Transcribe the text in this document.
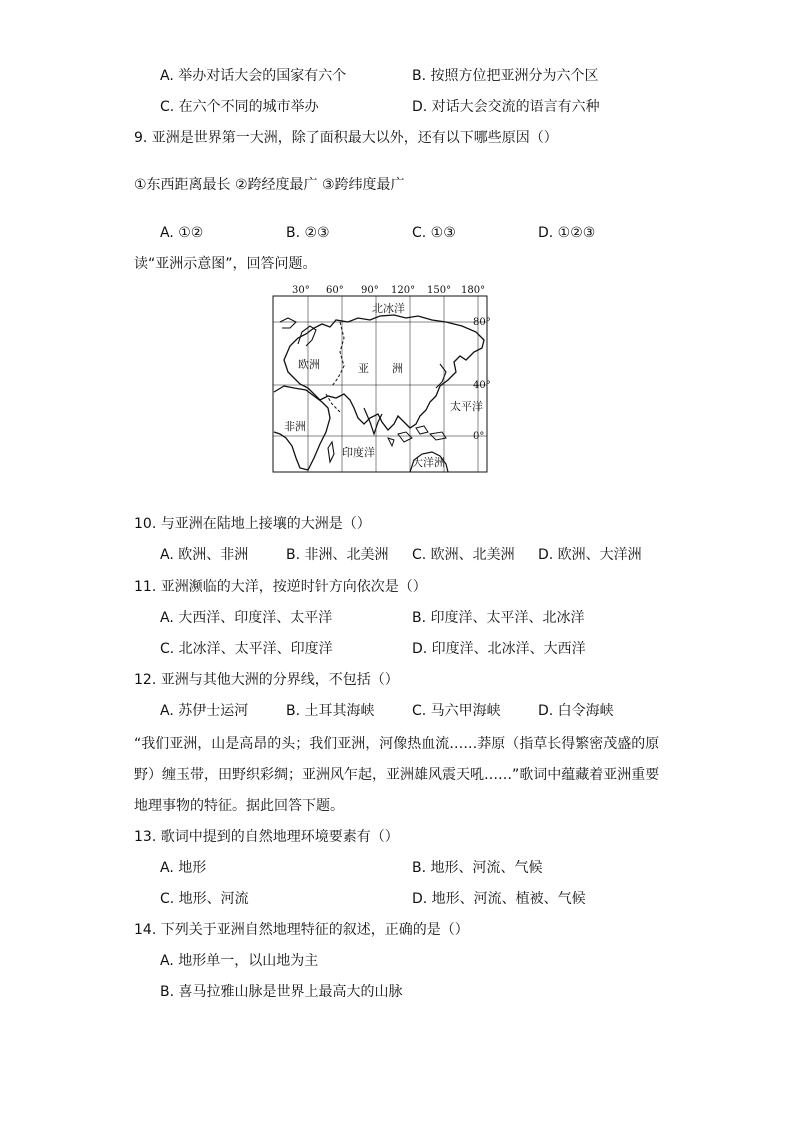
A. 举办对话大会的国家有六个	B. 按照方位把亚洲分为六个区
C. 在六个不同的城市举办	D. 对话大会交流的语言有六种
9. 亚洲是世界第一大洲，除了面积最大以外，还有以下哪些原因（）
①东西距离最长 ②跨经度最广 ③跨纬度最广
A. ①②	B. ②③	C. ①③	D. ①②③
读“亚洲示意图”，回答问题。
30° 60° 90° 120° 150° 180°
80°
40°
0°
北冰洋
欧洲	亚 洲
太平洋
非洲
印度洋
大洋洲
10. 与亚洲在陆地上接壤的大洲是（）
A. 欧洲、非洲	B. 非洲、北美洲 C. 欧洲、北美洲 D. 欧洲、大洋洲
11. 亚洲濒临的大洋，按逆时针方向依次是（）
A. 大西洋、印度洋、太平洋	B. 印度洋、太平洋、北冰洋
C. 北冰洋、太平洋、印度洋	D. 印度洋、北冰洋、大西洋
12. 亚洲与其他大洲的分界线，不包括（）
A. 苏伊士运河	B. 土耳其海峡	C. 马六甲海峡	D. 白令海峡
“我们亚洲，山是高昂的头；我们亚洲，河像热血流……莽原（指草长得繁密茂盛的原
野）缠玉带，田野织彩绸；亚洲风乍起，亚洲雄风震天吼……”歌词中蕴藏着亚洲重要
地理事物的特征。据此回答下题。
13. 歌词中提到的自然地理环境要素有（）
A. 地形	B. 地形、河流、气候
C. 地形、河流	D. 地形、河流、植被、气候
14. 下列关于亚洲自然地理特征的叙述，正确的是（）
A. 地形单一，以山地为主
B. 喜马拉雅山脉是世界上最高大的山脉
